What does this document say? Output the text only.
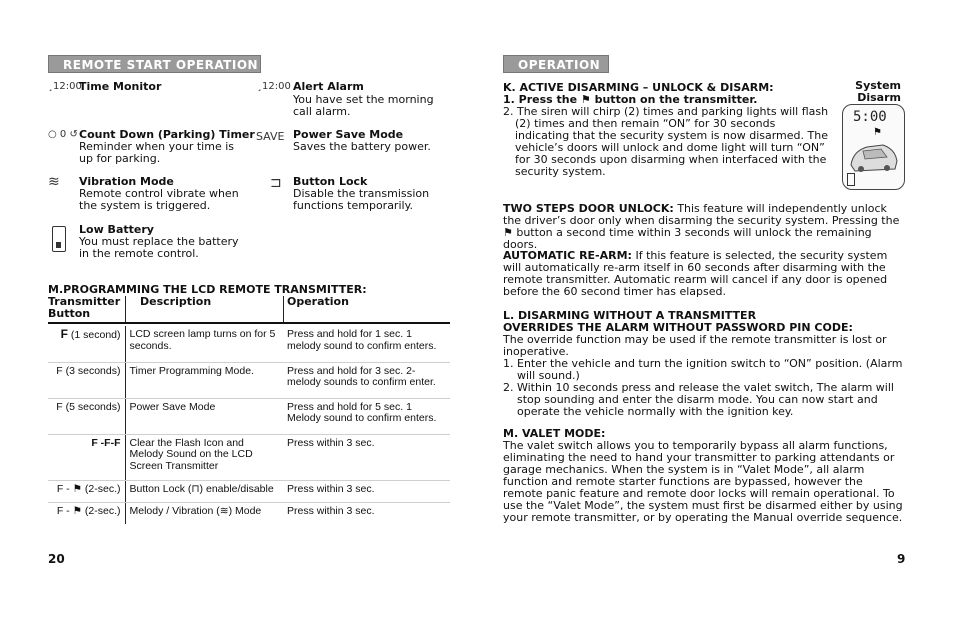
REMOTE START OPERATION
¸12:00
Time Monitor	¸12:00 Alert Alarm
You have set the morning call alarm.
○ 0 ↺ Count Down (Parking) Timer
Reminder when your time is up for parking.
SAVE Power Save Mode
Saves the battery power.
≋ Vibration Mode
Remote control vibrate when the system is triggered.
⊐ Button Lock
Disable the transmission functions temporarily.
Low Battery
You must replace the battery in the remote control.
M.PROGRAMMING THE LCD REMOTE TRANSMITTER:
Transmitter Button
Description	Operation
F (1 second)	LCD screen lamp turns on for 5 seconds.	Press and hold for 1 sec. 1 melody sound to confirm enters.
F (3 seconds)	Timer Programming Mode.	Press and hold for 3 sec. 2-melody sounds to confirm enter.
F (5 seconds)	Power Save Mode	Press and hold for 5 sec. 1 Melody sound to confirm enters.
F -F-F	Clear the Flash Icon and Melody Sound on the LCD Screen Transmitter	Press within 3 sec.
F - ⚑ (2-sec.)	Button Lock (⊓) enable/disable	Press within 3 sec.
F - ⚑ (2-sec.)	Melody / Vibration (≋) Mode	Press within 3 sec.
20
OPERATION

K. ACTIVE DISARMING – UNLOCK & DISARM:

1. Press the ⚑ button on the transmitter.

2. The siren will chirp (2) times and parking lights will flash (2) times and then remain “ON” for 30 seconds indicating that the security system is now disarmed. The vehicle’s doors will unlock and dome light will turn “ON” for 30 seconds upon disarming when interfaced with the security system.

System Disarm
5:00
⚑

TWO STEPS DOOR UNLOCK: This feature will independently unlock the driver’s door only when disarming the security system. Pressing the ⚑ button a second time within 3 seconds will unlock the remaining doors.

AUTOMATIC RE-ARM: If this feature is selected, the security system will automatically re-arm itself in 60 seconds after disarming with the remote transmitter. Automatic rearm will cancel if any door is opened before the 60 second timer has elapsed.

L. DISARMING WITHOUT A TRANSMITTER

OVERRIDES THE ALARM WITHOUT PASSWORD PIN CODE:

The override function may be used if the remote transmitter is lost or inoperative.

1. Enter the vehicle and turn the ignition switch to “ON” position. (Alarm will sound.)

2. Within 10 seconds press and release the valet switch, The alarm will stop sounding and enter the disarm mode. You can now start and operate the vehicle normally with the ignition key.

M. VALET MODE:

The valet switch allows you to temporarily bypass all alarm functions, eliminating the need to hand your transmitter to parking attendants or garage mechanics. When the system is in “Valet Mode”, all alarm function and remote starter functions are bypassed, however the remote panic feature and remote door locks will remain operational. To use the “Valet Mode”, the system must first be disarmed either by using your remote transmitter, or by operating the Manual override sequence.

9
